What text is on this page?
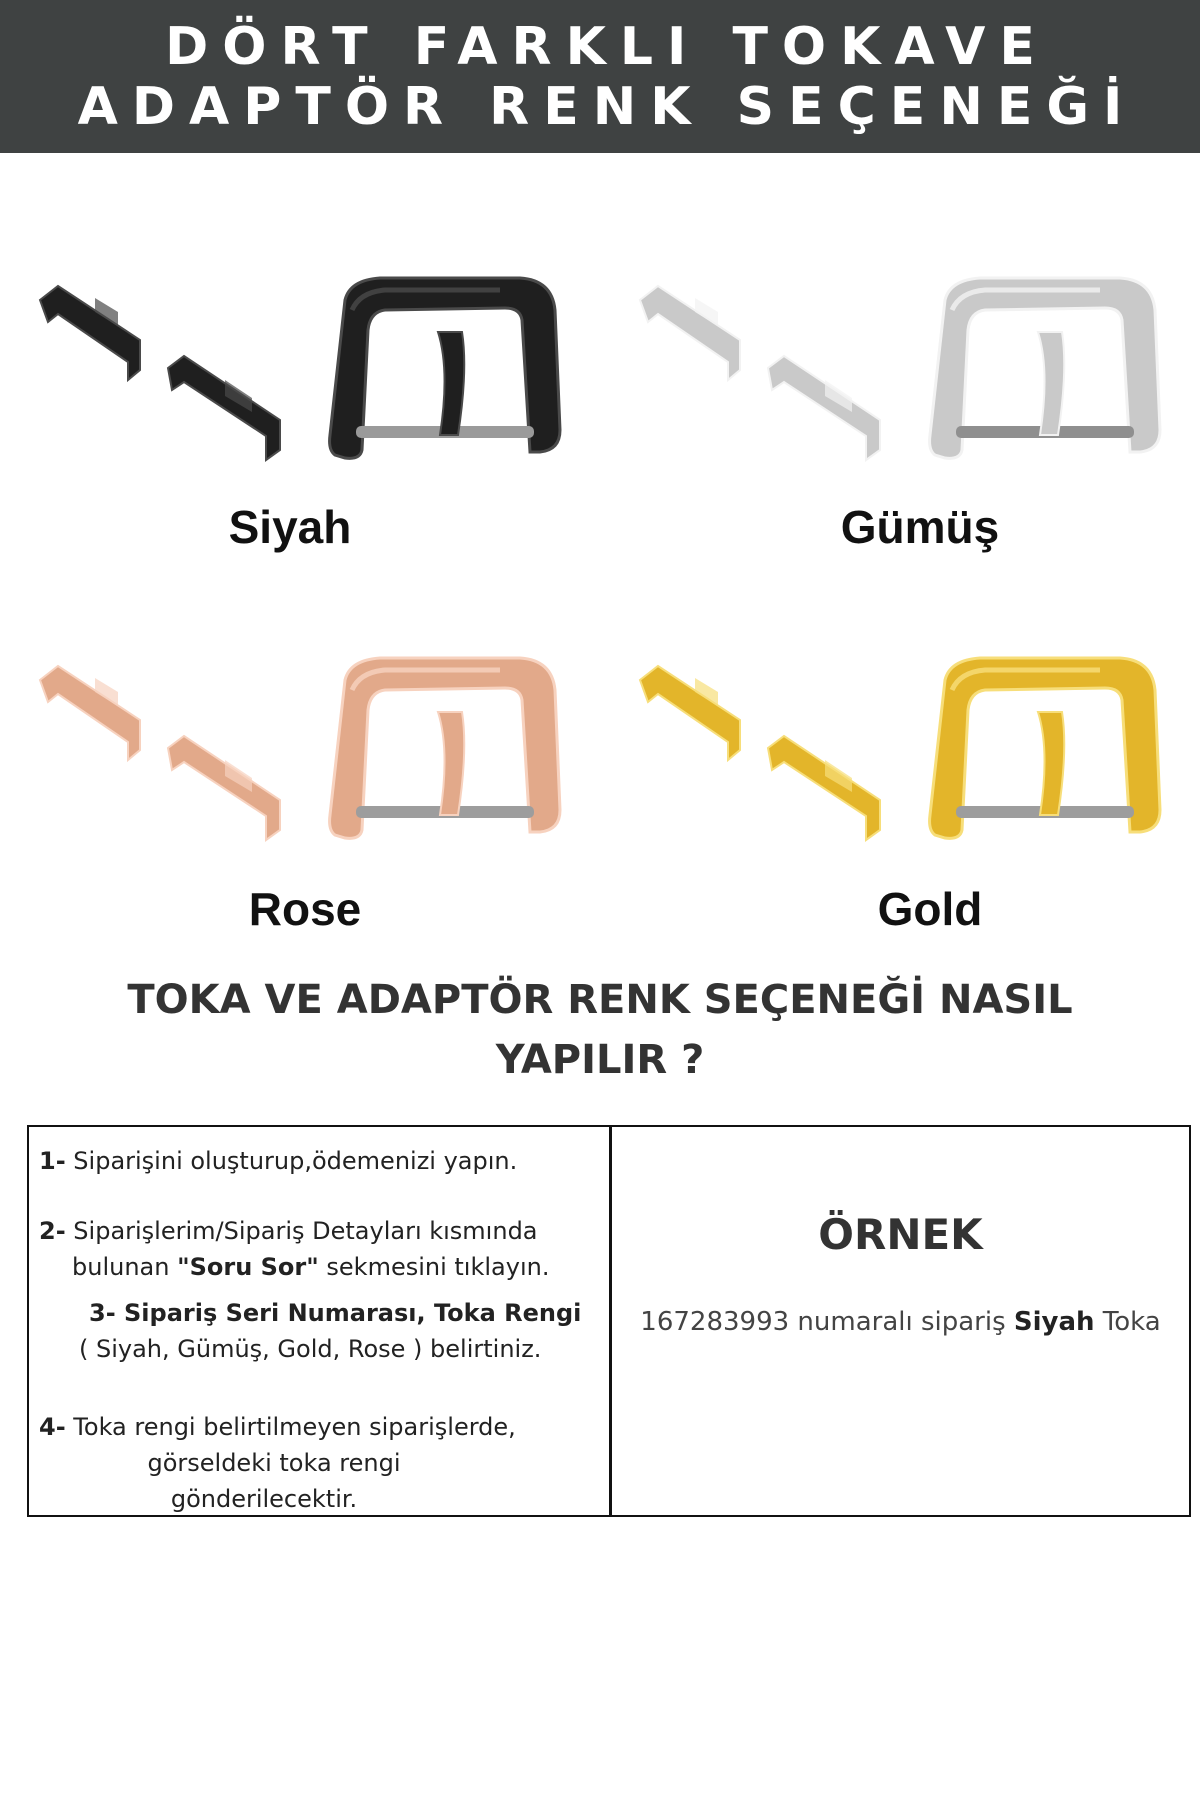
DÖRT FARKLI TOKAVE
ADAPTÖR RENK SEÇENEĞİ
Siyah	Gümüş
Rose	Gold
TOKA VE ADAPTÖR RENK SEÇENEĞİ NASIL
YAPILIR ?
1- Siparişini oluşturup,ödemenizi yapın.
2- Siparişlerim/Sipariş Detayları kısmında
bulunan "Soru Sor" sekmesini tıklayın.
3- Sipariş Seri Numarası, Toka Rengi
( Siyah, Gümüş, Gold, Rose ) belirtiniz.
4- Toka rengi belirtilmeyen siparişlerde,
görseldeki toka rengi
gönderilecektir.
ÖRNEK
167283993 numaralı sipariş Siyah Toka
